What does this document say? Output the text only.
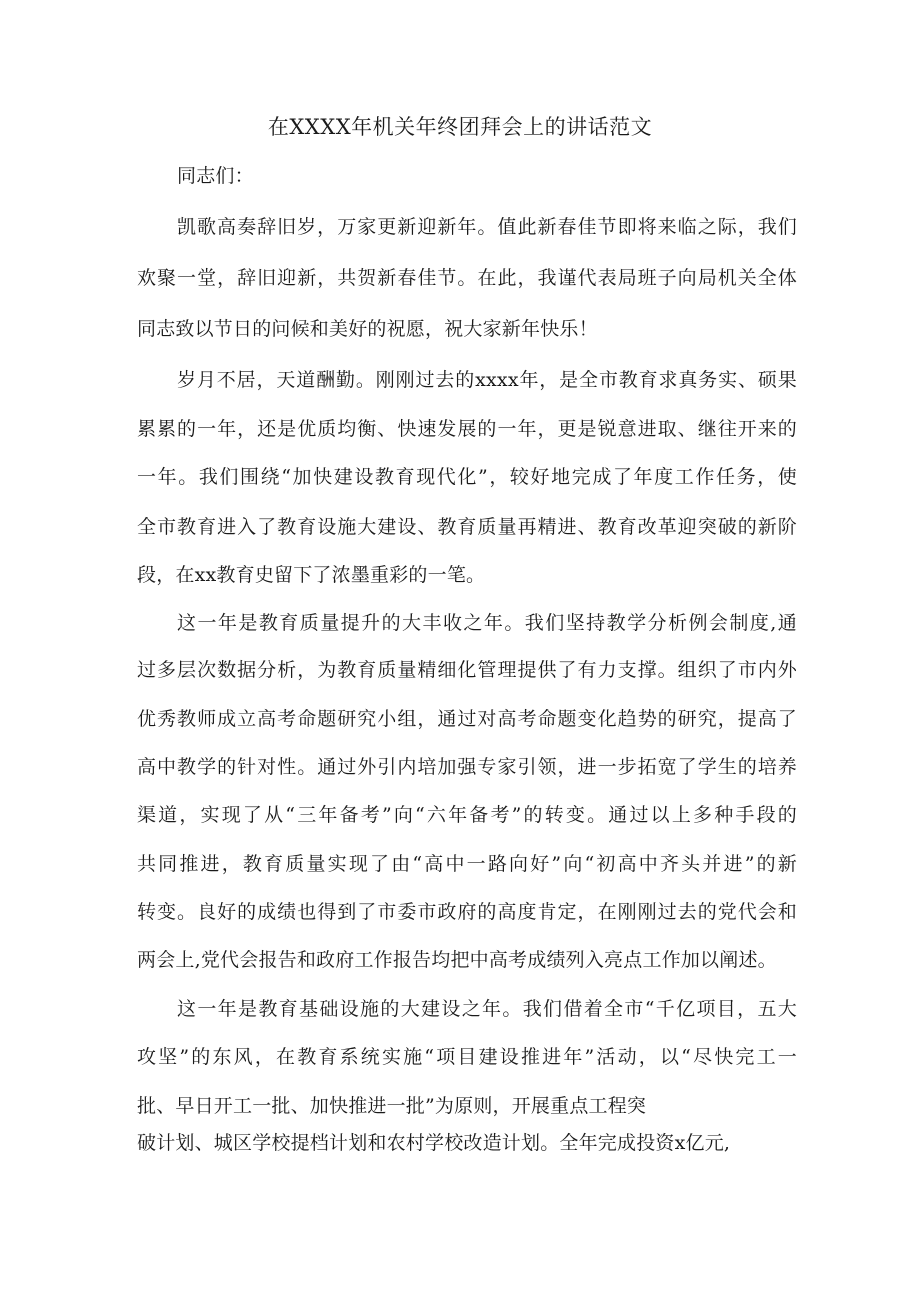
在XXXX年机关年终团拜会上的讲话范文
同志们：
凯歌高奏辞旧岁，万家更新迎新年。值此新春佳节即将来临之际，我们
欢聚一堂，辞旧迎新，共贺新春佳节。在此，我谨代表局班子向局机关全体
同志致以节日的问候和美好的祝愿，祝大家新年快乐！
岁月不居，天道酬勤。刚刚过去的xxxx年，是全市教育求真务实、硕果
累累的一年，还是优质均衡、快速发展的一年，更是锐意进取、继往开来的
一年。我们围绕“加快建设教育现代化”，较好地完成了年度工作任务，使
全市教育进入了教育设施大建设、教育质量再精进、教育改革迎突破的新阶
段，在xx教育史留下了浓墨重彩的一笔。
这一年是教育质量提升的大丰收之年。我们坚持教学分析例会制度,通
过多层次数据分析，为教育质量精细化管理提供了有力支撑。组织了市内外
优秀教师成立高考命题研究小组，通过对高考命题变化趋势的研究，提高了
高中教学的针对性。通过外引内培加强专家引领，进一步拓宽了学生的培养
渠道，实现了从“三年备考”向“六年备考”的转变。通过以上多种手段的
共同推进，教育质量实现了由“高中一路向好”向“初高中齐头并进”的新
转变。良好的成绩也得到了市委市政府的高度肯定，在刚刚过去的党代会和
两会上,党代会报告和政府工作报告均把中高考成绩列入亮点工作加以阐述。
这一年是教育基础设施的大建设之年。我们借着全市“千亿项目，五大
攻坚”的东风，在教育系统实施“项目建设推进年”活动，以“尽快完工一
批、早日开工一批、加快推进一批”为原则，开展重点工程突
破计划、城区学校提档计划和农村学校改造计划。全年完成投资x亿元,
